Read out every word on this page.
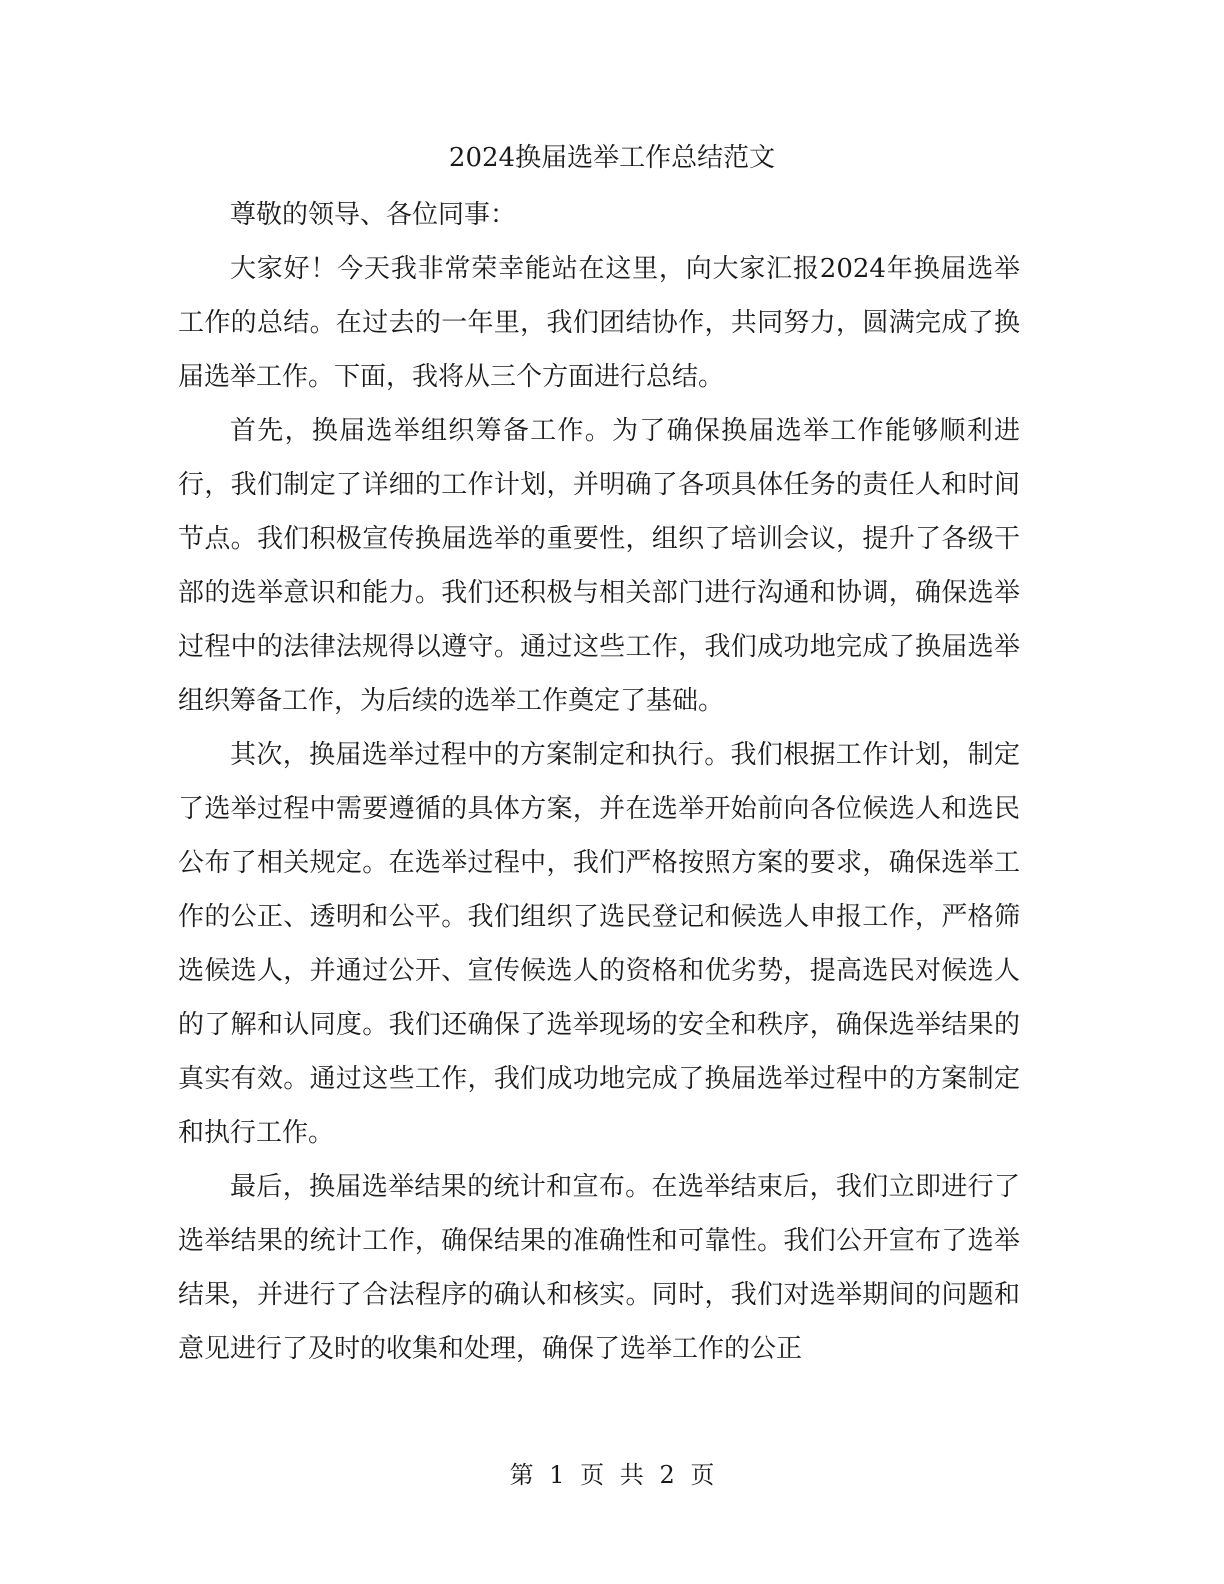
2024换届选举工作总结范文

尊敬的领导、各位同事：

大家好！今天我非常荣幸能站在这里，向大家汇报2024年换届选举工作的总结。在过去的一年里，我们团结协作，共同努力，圆满完成了换届选举工作。下面，我将从三个方面进行总结。

首先，换届选举组织筹备工作。为了确保换届选举工作能够顺利进行，我们制定了详细的工作计划，并明确了各项具体任务的责任人和时间节点。我们积极宣传换届选举的重要性，组织了培训会议，提升了各级干部的选举意识和能力。我们还积极与相关部门进行沟通和协调，确保选举过程中的法律法规得以遵守。通过这些工作，我们成功地完成了换届选举组织筹备工作，为后续的选举工作奠定了基础。

其次，换届选举过程中的方案制定和执行。我们根据工作计划，制定了选举过程中需要遵循的具体方案，并在选举开始前向各位候选人和选民公布了相关规定。在选举过程中，我们严格按照方案的要求，确保选举工作的公正、透明和公平。我们组织了选民登记和候选人申报工作，严格筛选候选人，并通过公开、宣传候选人的资格和优劣势，提高选民对候选人的了解和认同度。我们还确保了选举现场的安全和秩序，确保选举结果的真实有效。通过这些工作，我们成功地完成了换届选举过程中的方案制定和执行工作。

最后，换届选举结果的统计和宣布。在选举结束后，我们立即进行了选举结果的统计工作，确保结果的准确性和可靠性。我们公开宣布了选举结果，并进行了合法程序的确认和核实。同时，我们对选举期间的问题和意见进行了及时的收集和处理，确保了选举工作的公正

第 1 页 共 2 页
